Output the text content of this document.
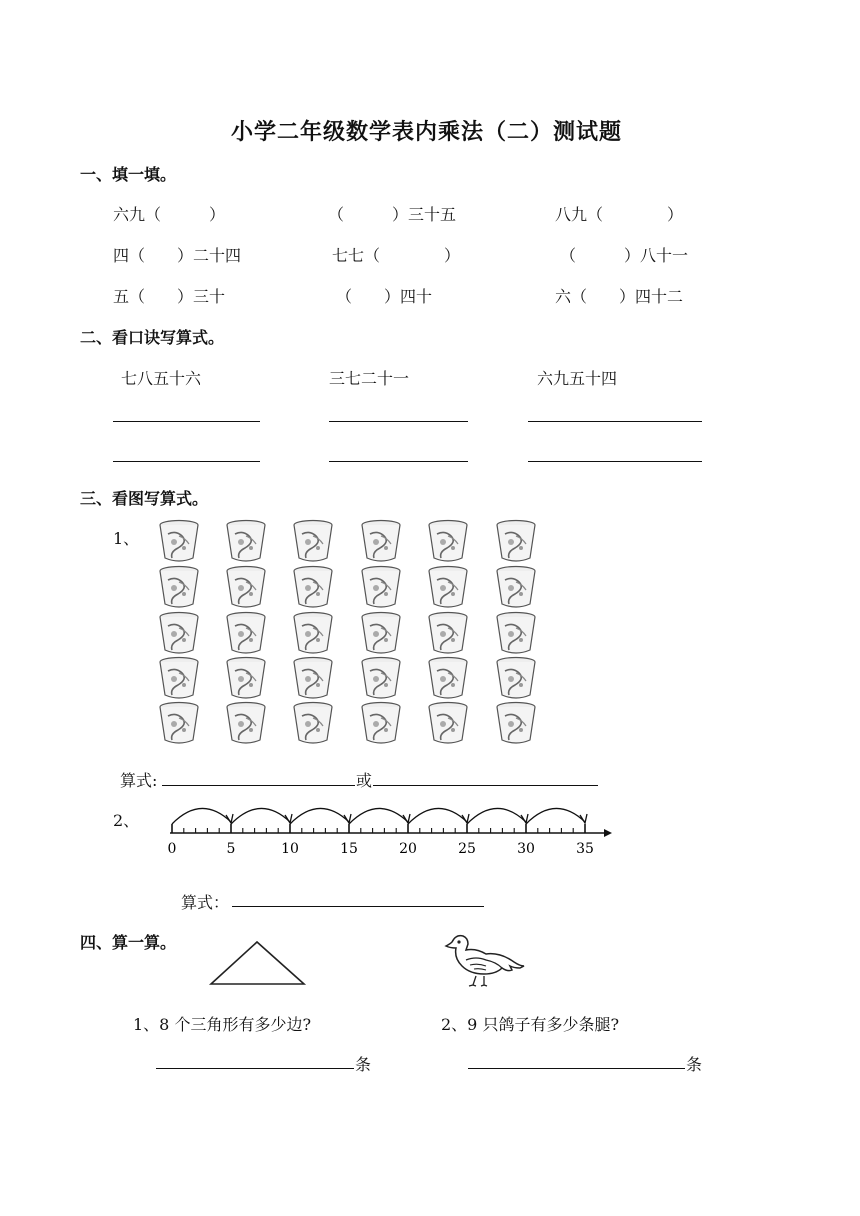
小学二年级数学表内乘法（二）测试题
一、填一填。
六九（　　　）	（　　　）三十五	八九（　　　　）
四（　　）二十四	七七（　　　　）	（　　　）八十一
五（　　）三十	（　　）四十	六（　　）四十二
二、看口诀写算式。
七八五十六	三七二十一	六九五十四
三、看图写算式。
1、
算式:	或
2、
0	5	10	15	20	25	30	35
算式：
四、算一算。
1、8 个三角形有多少边?	2、9 只鸽子有多少条腿?
条	条
